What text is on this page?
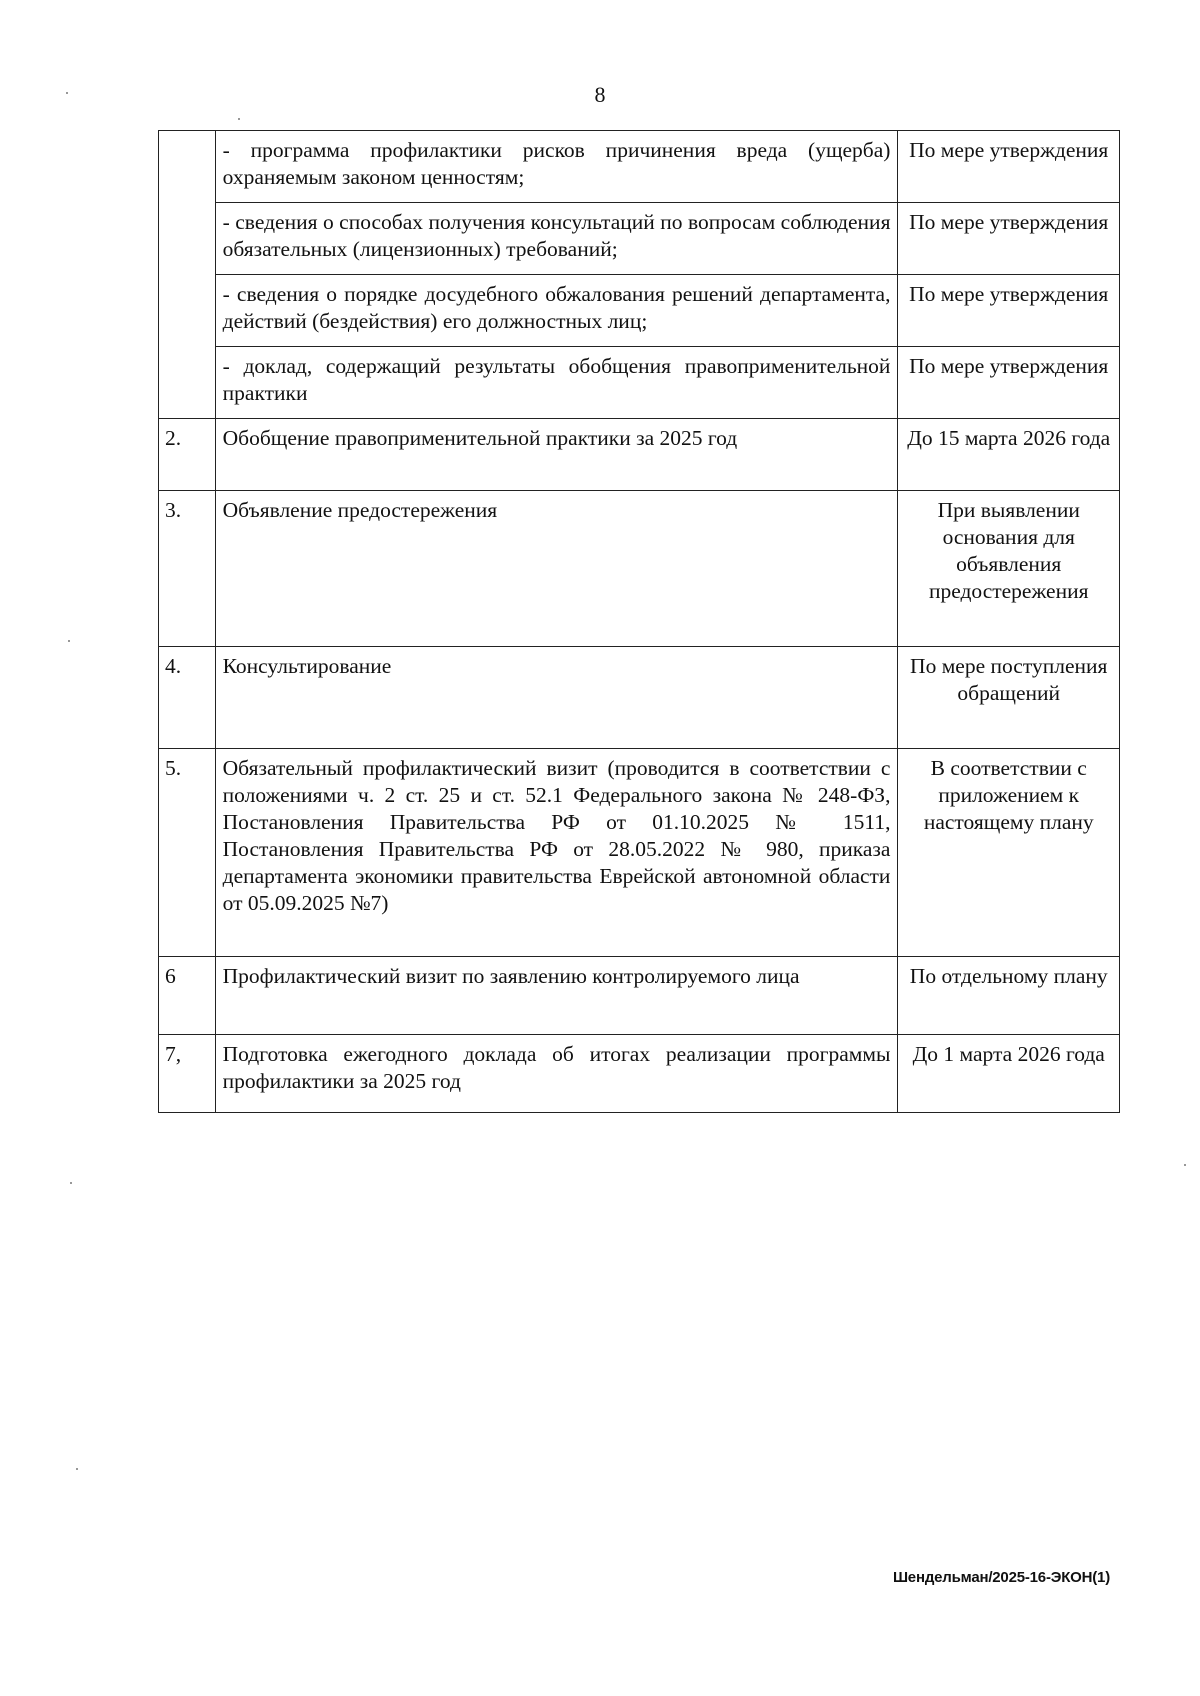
8
	- программа профилактики рисков причинения вреда (ущерба) охраняемым законом ценностям;	По мере утверждения
	- сведения о способах получения консультаций по вопросам соблюдения обязательных (лицензионных) требований;	По мере утверждения
	- сведения о порядке досудебного обжалования решений департамента, действий (бездействия) его должностных лиц;	По мере утверждения
	- доклад, содержащий результаты обобщения правоприменительной практики	По мере утверждения
2.	Обобщение правоприменительной практики за 2025 год	До 15 марта 2026 года
3.	Объявление предостережения	При выявлении основания для объявления предостережения
4.	Консультирование	По мере поступления обращений
5.	Обязательный профилактический визит (проводится в соответствии с положениями ч. 2 ст. 25 и ст. 52.1 Федерального закона № 248-ФЗ, Постановления Правительства РФ от 01.10.2025 № 1511, Постановления Правительства РФ от 28.05.2022 № 980, приказа департамента экономики правительства Еврейской автономной области от 05.09.2025 №7)	В соответствии с приложением к настоящему плану
6	Профилактический визит по заявлению контролируемого лица	По отдельному плану
7,	Подготовка ежегодного доклада об итогах реализации программы профилактики за 2025 год	До 1 марта 2026 года
Шендельман/2025-16-ЭКОН(1)
